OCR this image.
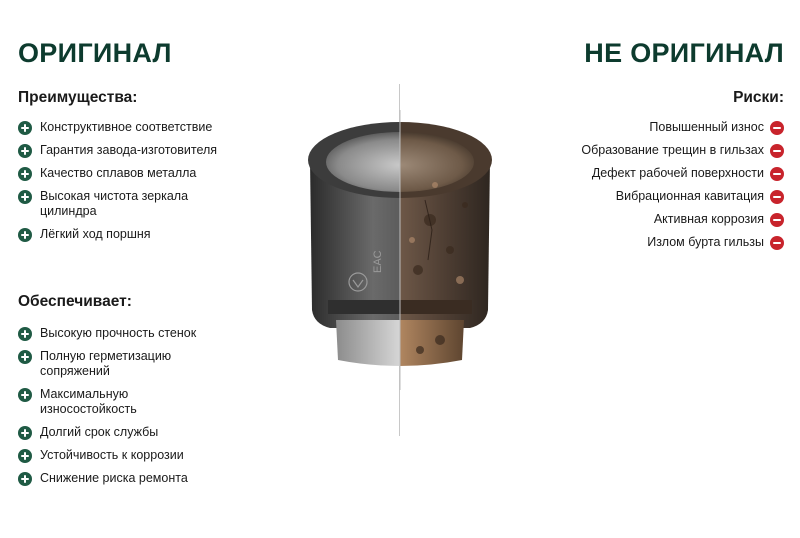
ОРИГИНАЛ	НЕ ОРИГИНАЛ
Преимущества:
Конструктивное соответствие
Гарантия завода-изготовителя
Качество сплавов металла
Высокая чистота зеркала цилиндра
Лёгкий ход поршня
Обеспечивает:
Высокую прочность стенок
Полную герметизацию сопряжений
Максимальную износостойкость
Долгий срок службы
Устойчивость к коррозии
Снижение риска ремонта
Риски:
Повышенный износ
Образование трещин в гильзах
Дефект рабочей поверхности
Вибрационная кавитация
Активная коррозия
Излом бурта гильзы
EAC
